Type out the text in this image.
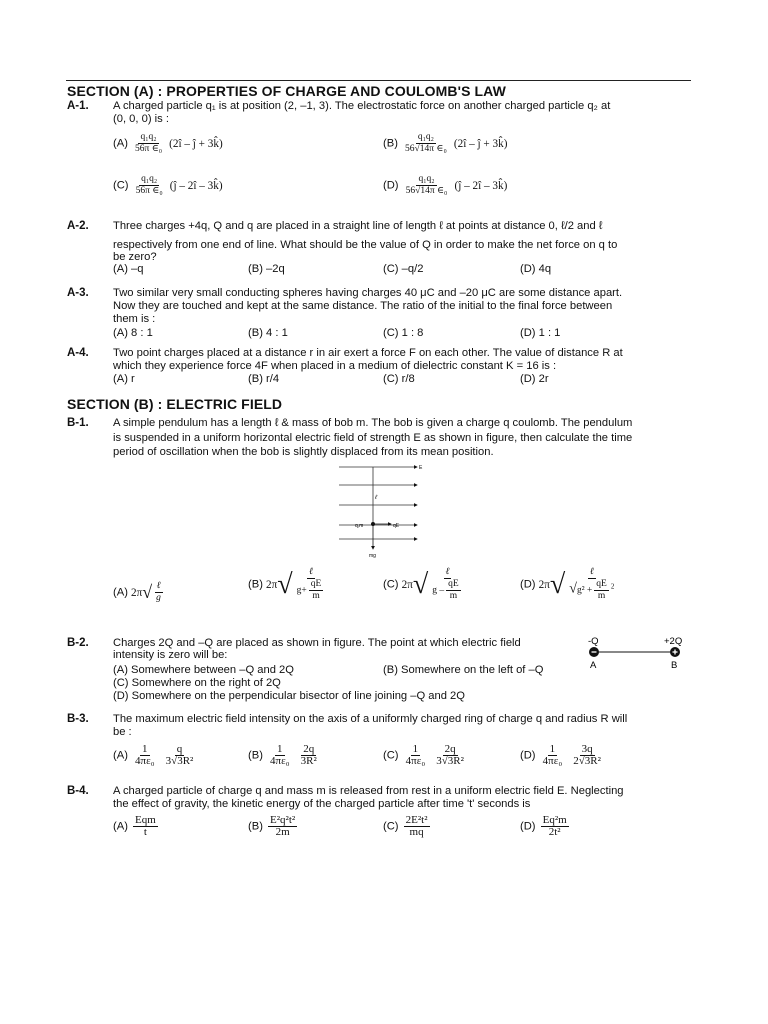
SECTION (A) : PROPERTIES OF CHARGE AND COULOMB'S LAW
A-1. A charged particle q₁ is at position (2, –1, 3). The electrostatic force on another charged particle q₂ at
(0, 0, 0) is :
$(A) \frac{\text{q₁q₂}}{\text{56π ∈₀}}$ (2î – ĵ + 3k̂)	$(B) \frac{\text{q₁q₂}}{\text{56√14π ∈₀}}$ (2î – ĵ + 3k̂)
$(C) \frac{\text{q₁q₂}}{\text{56π ∈₀}}$ (ĵ – 2î – 3k̂)	$(D) \frac{\text{q₁q₂}}{\text{56√14π ∈₀}}$ (ĵ – 2î – 3k̂)
A-2. Three charges +4q, Q and q are placed in a straight line of length ℓ at points at distance 0, ℓ/2 and ℓ
respectively from one end of line. What should be the value of Q in order to make the net force on q to
be zero?
(A) –q	(B) –2q	(C) –q/2	(D) 4q
A-3. Two similar very small conducting spheres having charges 40 μC and –20 μC are some distance apart.
Now they are touched and kept at the same distance. The ratio of the initial to the final force between
them is :
(A) 8 : 1	(B) 4 : 1	(C) 1 : 8	(D) 1 : 1
A-4. Two point charges placed at a distance r in air exert a force F on each other. The value of distance R at
which they experience force 4F when placed in a medium of dielectric constant K = 16 is :
(A) r	(B) r/4	(C) r/8	(D) 2r
SECTION (B) : ELECTRIC FIELD
B-1. A simple pendulum has a length ℓ & mass of bob m. The bob is given a charge q coulomb. The pendulum
is suspended in a uniform horizontal electric field of strength E as shown in figure, then calculate the time
period of oscillation when the bob is slightly displaced from its mean position.
E
ℓ
q,m	qE
mg
(A) $2\pi√ \frac{\text{ℓ}}{g}$	(B) $2\pi√ \frac{\text{ℓ}}{g+ \frac{qE}{m}}$	(C) $2\pi√ \frac{\text{ℓ}}{g - \frac{qE}{m}}$	(D) $2\pi√ \frac{\text{ℓ}}{√g^2 + \frac{qE}{m} ^2}$
B-2. Charges 2Q and –Q are placed as shown in figure. The point at which electric field
intensity is zero will be:
(A) Somewhere between –Q and 2Q	(B) Somewhere on the left of –Q
(C) Somewhere on the right of 2Q
(D) Somewhere on the perpendicular bisector of line joining –Q and 2Q
-Q	+2Q
A	B
B-3. The maximum electric field intensity on the axis of a uniformly charged ring of charge q and radius R will
be :
$(A) \frac{1}{\text{4πε₀}}$
$\frac{q}{\text{3√3R²}}$	$(B) \frac{1}{\text{4πε₀}}$
$\frac{2q}{\text{3R²}}$	$(C) \frac{1}{\text{4πε₀}}$
$\frac{2q}{\text{3√3R²}}$	$(D) \frac{1}{\text{4πε₀}}$
$\frac{3q}{\text{2√3R²}}$
B-4. A charged particle of charge q and mass m is released from rest in a uniform electric field E. Neglecting
the effect of gravity, the kinetic energy of the charged particle after time 't' seconds is
$(A) \frac{\text{Eqm}}{t}$	$(B) \frac{\text{E²q²t²}}{2m}$	$(C) \frac{\text{2E²t²}}{mq}$	$(D) \frac{\text{Eq²m}}{\text{2t²}}$
